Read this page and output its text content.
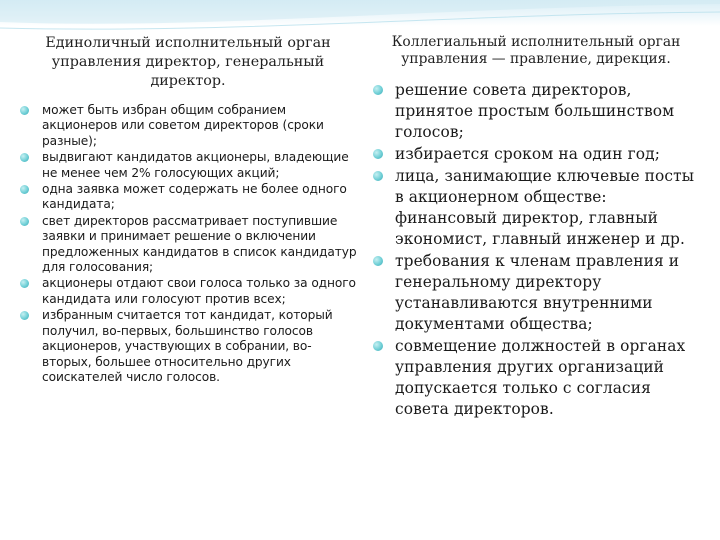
Единоличный исполнительный орган управления директор, генеральный директор.
может быть избран общим собранием акционеров или советом директоров (сроки разные);
выдвигают кандидатов акционеры, владеющие не менее чем 2% голосующих акций;
одна заявка может содержать не более одного кандидата;
свет директоров рассматривает поступившие заявки и принимает решение о включении предложенных кандидатов в список кандидатур для голосования;
акционеры отдают свои голоса только за одного кандидата или голосуют против всех;
избранным считается тот кандидат, который получил, во-первых, большинство голосов акционеров, участвующих в собрании, во-вторых, большее относительно других соискателей число голосов.
Коллегиальный исполнительный орган управления — правление, дирекция.
решение совета директоров, принятое простым большинством голосов;
избирается сроком на один год;
лица, занимающие ключевые посты в акционерном обществе: финансовый директор, главный экономист, главный инженер и др.
требования к членам правления и генеральному директору устанавливаются внутренними документами общества;
совмещение должностей в органах управления других организаций допускается только с согласия совета директоров.
